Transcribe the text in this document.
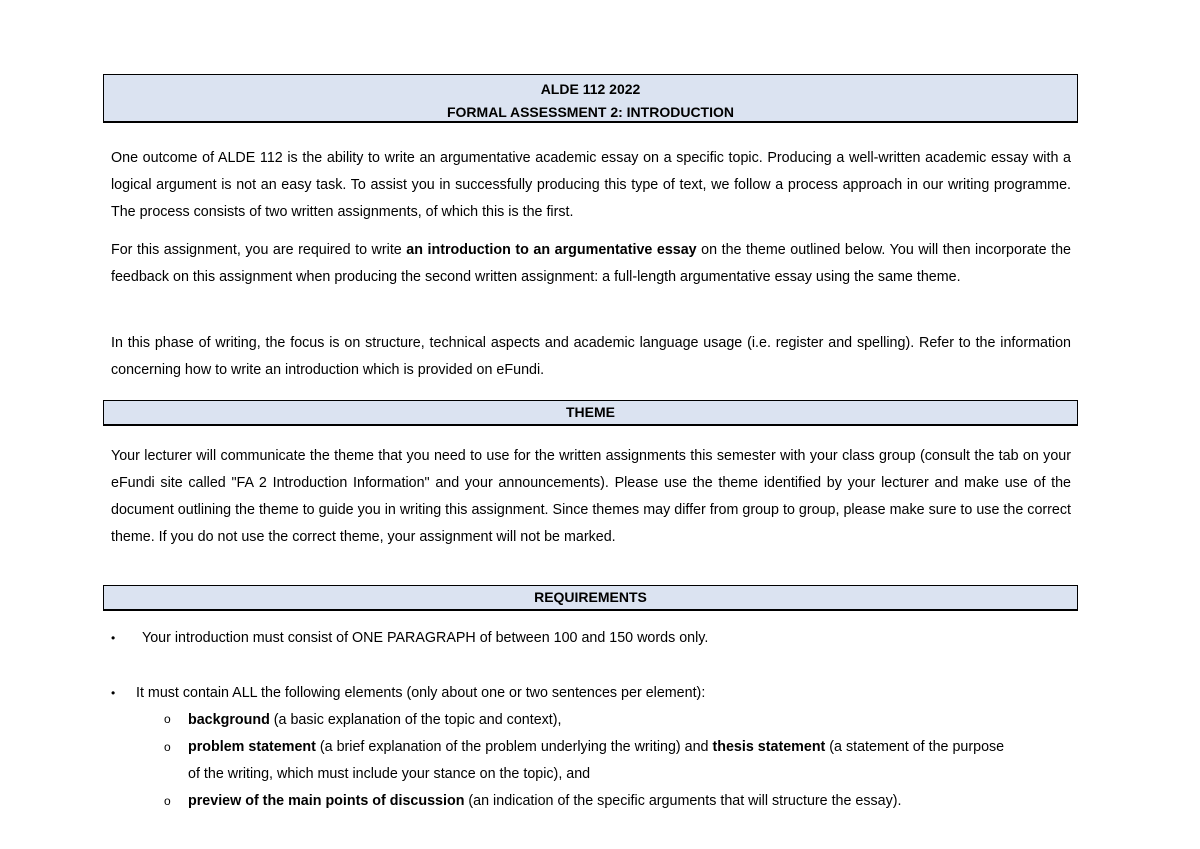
ALDE 112 2022
FORMAL ASSESSMENT 2: INTRODUCTION

One outcome of ALDE 112 is the ability to write an argumentative academic essay on a specific topic. Producing a well-written academic essay with a logical argument is not an easy task. To assist you in successfully producing this type of text, we follow a process approach in our writing programme. The process consists of two written assignments, of which this is the first.

For this assignment, you are required to write an introduction to an argumentative essay on the theme outlined below. You will then incorporate the feedback on this assignment when producing the second written assignment: a full-length argumentative essay using the same theme.

In this phase of writing, the focus is on structure, technical aspects and academic language usage (i.e. register and spelling). Refer to the information concerning how to write an introduction which is provided on eFundi.

THEME

Your lecturer will communicate the theme that you need to use for the written assignments this semester with your class group (consult the tab on your eFundi site called "FA 2 Introduction Information" and your announcements). Please use the theme identified by your lecturer and make use of the document outlining the theme to guide you in writing this assignment. Since themes may differ from group to group, please make sure to use the correct theme. If you do not use the correct theme, your assignment will not be marked.

REQUIREMENTS
• Your introduction must consist of ONE PARAGRAPH of between 100 and 150 words only.

• It must contain ALL the following elements (only about one or two sentences per element):

o background (a basic explanation of the topic and context),

o problem statement (a brief explanation of the problem underlying the writing) and thesis statement (a statement of the purpose

of the writing, which must include your stance on the topic), and

o preview of the main points of discussion (an indication of the specific arguments that will structure the essay).
